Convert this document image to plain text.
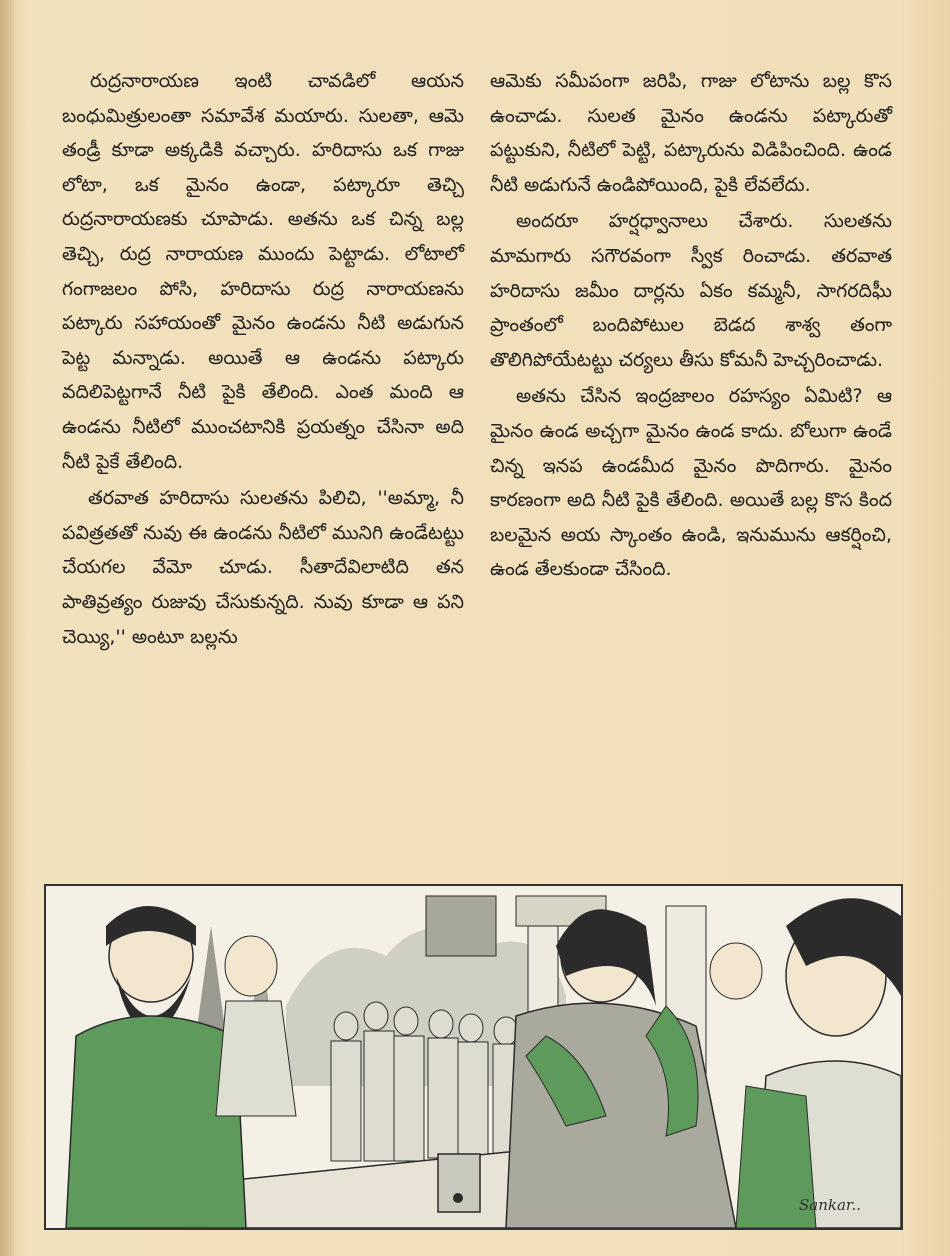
రుద్రనారాయణ ఇంటి చావడిలో ఆయన బంధుమిత్రులంతా సమావేశ మయారు. సులతా, ఆమె తండ్రీ కూడా అక్కడికి వచ్చారు. హరిదాసు ఒక గాజు లోటా, ఒక మైనం ఉండా, పట్కారూ తెచ్చి రుద్రనారాయణకు చూపాడు. అతను ఒక చిన్న బల్ల తెచ్చి, రుద్ర నారాయణ ముందు పెట్టాడు. లోటాలో గంగాజలం పోసి, హరిదాసు రుద్ర నారాయణను పట్కారు సహాయంతో మైనం ఉండను నీటి అడుగున పెట్ట మన్నాడు. అయితే ఆ ఉండను పట్కారు వదిలిపెట్టగానే నీటి పైకి తేలింది. ఎంత మంది ఆ ఉండను నీటిలో ముంచటానికి ప్రయత్నం చేసినా అది నీటి పైకే తేలింది.

తరవాత హరిదాసు సులతను పిలిచి, ''అమ్మా, నీ పవిత్రతతో నువు ఈ ఉండను నీటిలో మునిగి ఉండేటట్టు చేయగల వేమో చూడు. సీతాదేవిలాటిది తన పాతివ్రత్యం రుజువు చేసుకున్నది. నువు కూడా ఆ పని చెయ్యి,'' అంటూ బల్లను

ఆమెకు సమీపంగా జరిపి, గాజు లోటాను బల్ల కొస ఉంచాడు. సులత మైనం ఉండను పట్కారుతో పట్టుకుని, నీటిలో పెట్టి, పట్కారును విడిపించింది. ఉండ నీటి అడుగునే ఉండిపోయింది, పైకి లేవలేదు.

అందరూ హర్షధ్వానాలు చేశారు. సులతను మామగారు సగౌరవంగా స్వీక రించాడు. తరవాత హరిదాసు జమీం దార్లను ఏకం కమ్మనీ, సాగరదిఘీ ప్రాంతంలో బందిపోటుల బెడద శాశ్వ తంగా తొలిగిపోయేటట్టు చర్యలు తీసు కోమనీ హెచ్చరించాడు.

అతను చేసిన ఇంద్రజాలం రహస్యం ఏమిటి? ఆ మైనం ఉండ అచ్చగా మైనం ఉండ కాదు. బోలుగా ఉండే చిన్న ఇనప ఉండమీద మైనం పొదిగారు. మైనం కారణంగా అది నీటి పైకి తేలింది. అయితే బల్ల కొస కింద బలమైన అయ స్కాంతం ఉండి, ఇనుమును ఆకర్షించి, ఉండ తేలకుండా చేసింది.

Sankar..
